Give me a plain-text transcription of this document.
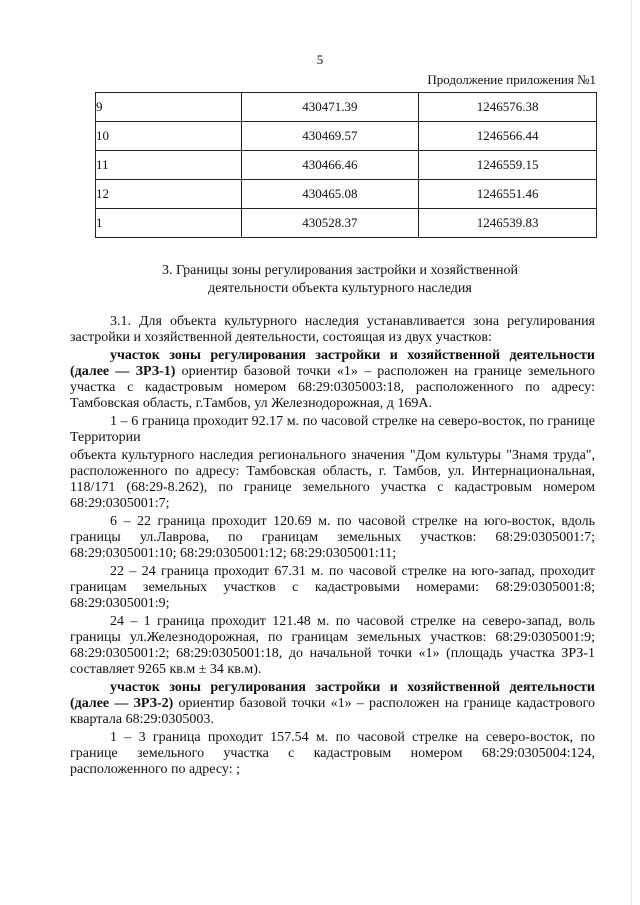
5
Продолжение приложения №1
9	430471.39	1246576.38
10	430469.57	1246566.44
11	430466.46	1246559.15
12	430465.08	1246551.46
1	430528.37	1246539.83
3. Границы зоны регулирования застройки и хозяйственной
деятельности объекта культурного наследия

3.1. Для объекта культурного наследия устанавливается зона регулирования застройки и хозяйственной деятельности, состоящая из двух участков:

участок зоны регулирования застройки и хозяйственной деятельности (далее — ЗРЗ-1) ориентир базовой точки «1» – расположен на границе земельного участка с кадастровым номером 68:29:0305003:18, расположенного по адресу: Тамбовская область, г.Тамбов, ул Железнодорожная, д 169А.

1 – 6 граница проходит 92.17 м. по часовой стрелке на северо-восток, по границе Территории

объекта культурного наследия регионального значения "Дом культуры "Знамя труда", расположенного по адресу: Тамбовская область, г. Тамбов, ул. Интернациональная, 118/171 (68:29-8.262), по границе земельного участка с кадастровым номером 68:29:0305001:7;

6 – 22 граница проходит 120.69 м. по часовой стрелке на юго-восток, вдоль границы ул.Лаврова, по границам земельных участков: 68:29:0305001:7; 68:29:0305001:10; 68:29:0305001:12; 68:29:0305001:11;

22 – 24 граница проходит 67.31 м. по часовой стрелке на юго-запад, проходит границам земельных участков с кадастровыми номерами: 68:29:0305001:8; 68:29:0305001:9;

24 – 1 граница проходит 121.48 м. по часовой стрелке на северо-запад, воль границы ул.Железнодорожная, по границам земельных участков: 68:29:0305001:9; 68:29:0305001:2; 68:29:0305001:18, до начальной точки «1» (площадь участка ЗРЗ-1 составляет 9265 кв.м ± 34 кв.м).

участок зоны регулирования застройки и хозяйственной деятельности (далее — ЗРЗ-2) ориентир базовой точки «1» – расположен на границе кадастрового квартала 68:29:0305003.

1 – 3 граница проходит 157.54 м. по часовой стрелке на северо-восток, по границе земельного участка с кадастровым номером 68:29:0305004:124, расположенного по адресу: ;
